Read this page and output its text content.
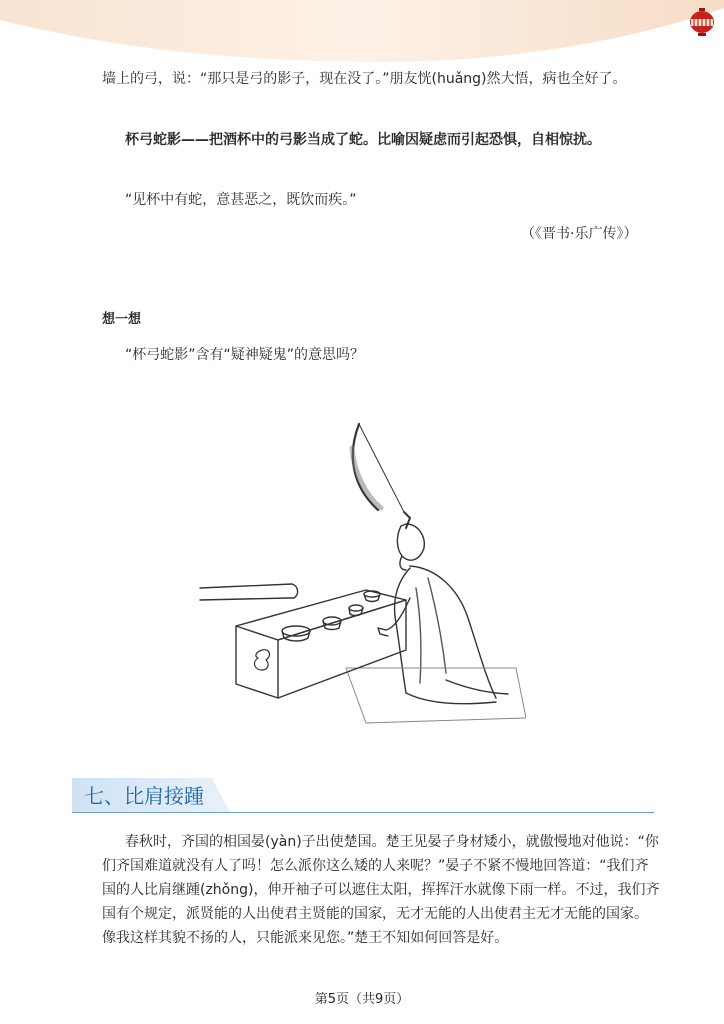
墙上的弓，说：“那只是弓的影子，现在没了。”朋友恍(huǎng)然大悟，病也全好了。
杯弓蛇影——把酒杯中的弓影当成了蛇。比喻因疑虑而引起恐惧，自相惊扰。
“见杯中有蛇，意甚恶之，既饮而疾。”
（《晋书·乐广传》）
想一想
“杯弓蛇影”含有“疑神疑鬼”的意思吗？
七、比肩接踵
春秋时，齐国的相国晏(yàn)子出使楚国。楚王见晏子身材矮小，就傲慢地对他说：“你
们齐国难道就没有人了吗！怎么派你这么矮的人来呢？”晏子不紧不慢地回答道：“我们齐
国的人比肩继踵(zhǒng)，伸开袖子可以遮住太阳，挥挥汗水就像下雨一样。不过，我们齐
国有个规定，派贤能的人出使君主贤能的国家，无才无能的人出使君主无才无能的国家。
像我这样其貌不扬的人，只能派来见您。”楚王不知如何回答是好。
第5页（共9页）
